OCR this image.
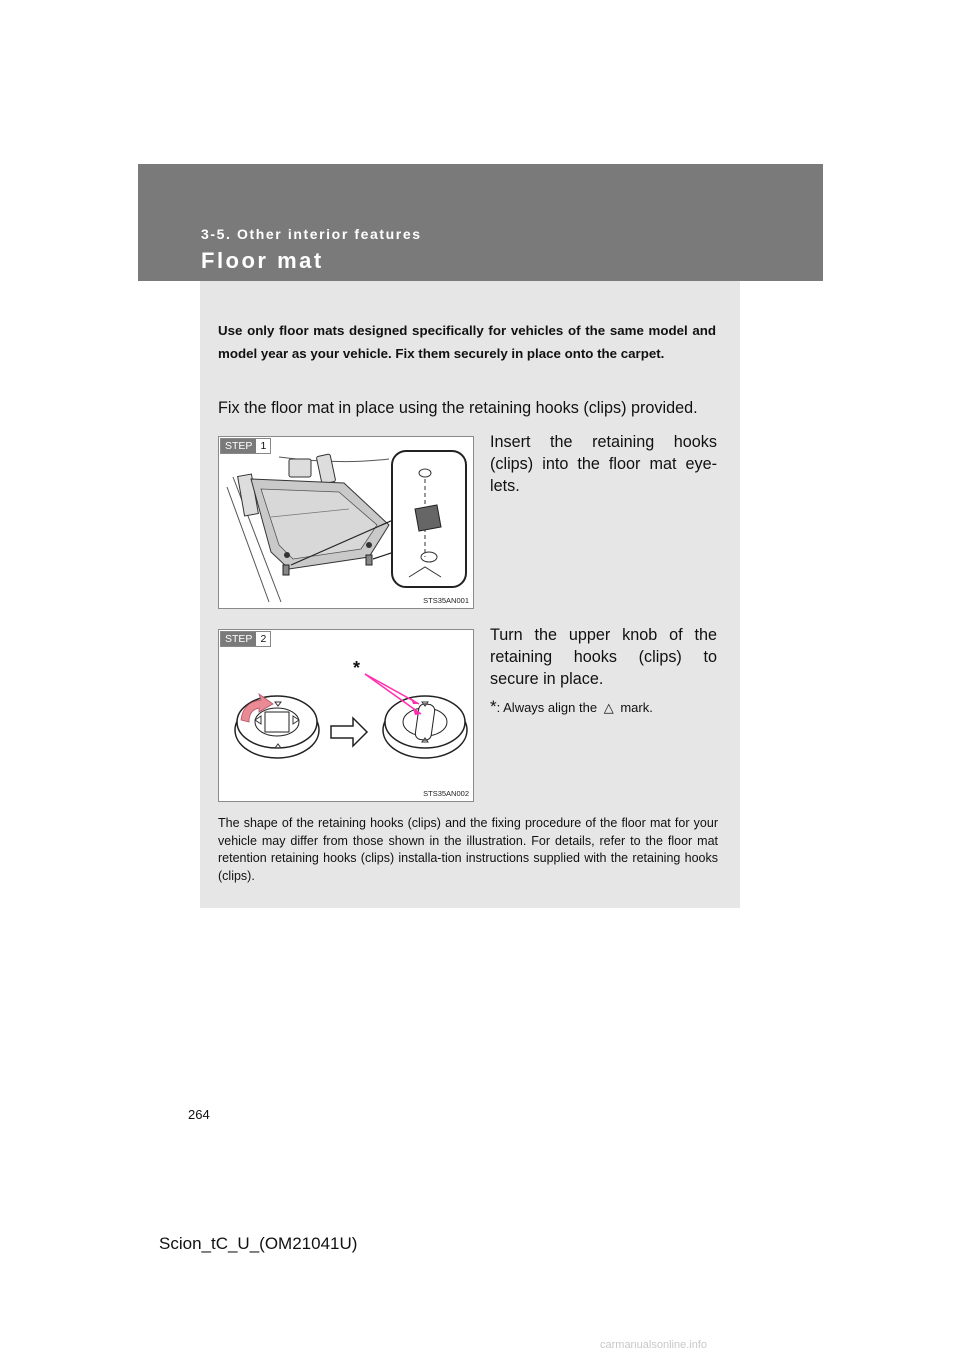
3-5. Other interior features
Floor mat
Use only floor mats designed specifically for vehicles of the same model and model year as your vehicle. Fix them securely in place onto the carpet.
Fix the floor mat in place using the retaining hooks (clips) provided.
STEP 1
STS35AN001
Insert the retaining hooks (clips) into the floor mat eye-lets.
*
STEP 2
STS35AN002
Turn the upper knob of the retaining hooks (clips) to secure in place.
*: Always align the △ mark.
The shape of the retaining hooks (clips) and the fixing procedure of the floor mat for your vehicle may differ from those shown in the illustration. For details, refer to the floor mat retention retaining hooks (clips) installa-tion instructions supplied with the retaining hooks (clips).
264
Scion_tC_U_(OM21041U)
carmanualsonline.info
